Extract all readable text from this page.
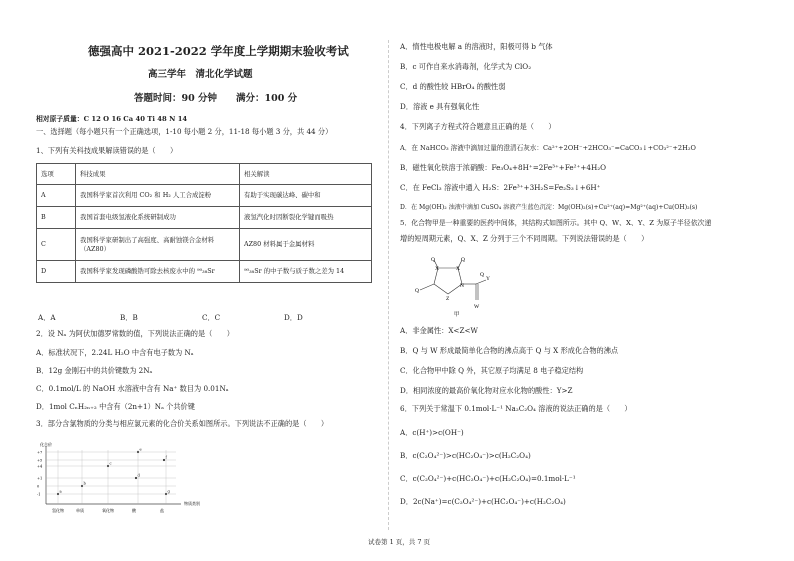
德强高中 2021-2022 学年度上学期期末验收考试
高三学年　清北化学试题
答题时间：90 分钟　　满分：100 分
相对原子质量：C 12 O 16 Ca 40 Ti 48 N 14
一、选择题（每小题只有一个正确选项，1-10 每小题 2 分，11-18 每小题 3 分，共 44 分）
1、下列有关科技成果解读错误的是（　　）
选项	科技成果	相关解读
A	我国科学家首次利用 CO₂ 和 H₂ 人工合成淀粉	有助于实现碳达峰、碳中和
B	我国首套电级氢液化系统研制成功	液氢汽化时因断裂化学键而吸热
C	我国科学家研制出了高强度、高耐蚀镁合金材料（AZ80）	AZ80 材料属于金属材料
D	我国科学家发现磷酸锆可除去核废水中的 ⁹⁰₃₈Sr	⁹⁰₃₈Sr 的中子数与质子数之差为 14
A．A	B．B	C．C	D．D
2．设 Nₐ 为阿伏加德罗常数的值，下列说法正确的是（　　）
A．标准状况下，2.24L H₂O 中含有电子数为 Nₐ
B．12g 金刚石中的共价键数为 2Nₐ
C．0.1mol/L 的 NaOH 水溶液中含有 Na⁺ 数目为 0.01Nₐ
D．1mol CₙH₂ₙ₊₂ 中含有（2n+1）Nₐ 个共价键
3．部分含氯物质的分类与相应氯元素的化合价关系如图所示。下列说法不正确的是（　　）
化合价
物质类别
+7
+5
+4
+1
0
-1
氢化物	单质	氧化物	酸	盐
a
b
c
d
e
f
g
A．惰性电极电解 a 的溶液时，阳极可得 b 气体
B．c 可作自来水消毒剂，化学式为 ClO₂
C．d 的酸性较 HBrO₄ 的酸性弱
D．溶液 e 具有强氧化性
4．下列离子方程式符合题意且正确的是（　　）
A．在 NaHCO₃ 溶液中滴加过量的澄清石灰水：Ca²⁺+2OH⁻+2HCO₃⁻=CaCO₃↓+CO₃²⁻+2H₂O
B．磁性氧化铁溶于浓硝酸：Fe₃O₄+8H⁺=2Fe³⁺+Fe²⁺+4H₂O
C．在 FeCl₃ 溶液中通入 H₂S：2Fe³⁺+3H₂S=Fe₂S₃↓+6H⁺
D．在 Mg(OH)₂ 浊液中滴加 CuSO₄ 溶液产生蓝色沉淀：Mg(OH)₂(s)+Cu²⁺(aq)=Mg²⁺(aq)+Cu(OH)₂(s)
5．化合物甲是一种重要的医药中间体，其结构式如图所示。其中 Q、W、X、Y、Z 为原子半径依次递
增的短周期元素，Q、X、Z 分列于三个不同周期。下列说法错误的是（　　）
Q	Q
X	X
Q
Z
N
Y
W
Q
甲
A．非金属性：X<Z<W
B．Q 与 W 形成最简单化合物的沸点高于 Q 与 X 形成化合物的沸点
C．化合物甲中除 Q 外，其它原子均满足 8 电子稳定结构
D．相同浓度的最高价氧化物对应水化物的酸性：Y>Z
6．下列关于常温下 0.1mol·L⁻¹ Na₂C₂O₄ 溶液的说法正确的是（　　）
A．c(H⁺)>c(OH⁻)
B．c(C₂O₄²⁻)>c(HC₂O₄⁻)>c(H₂C₂O₄)
C．c(C₂O₄²⁻)+c(HC₂O₄⁻)+c(H₂C₂O₄)=0.1mol·L⁻¹
D．2c(Na⁺)=c(C₂O₄²⁻)+c(HC₂O₄⁻)+c(H₂C₂O₄)
试卷第 1 页，共 7 页
